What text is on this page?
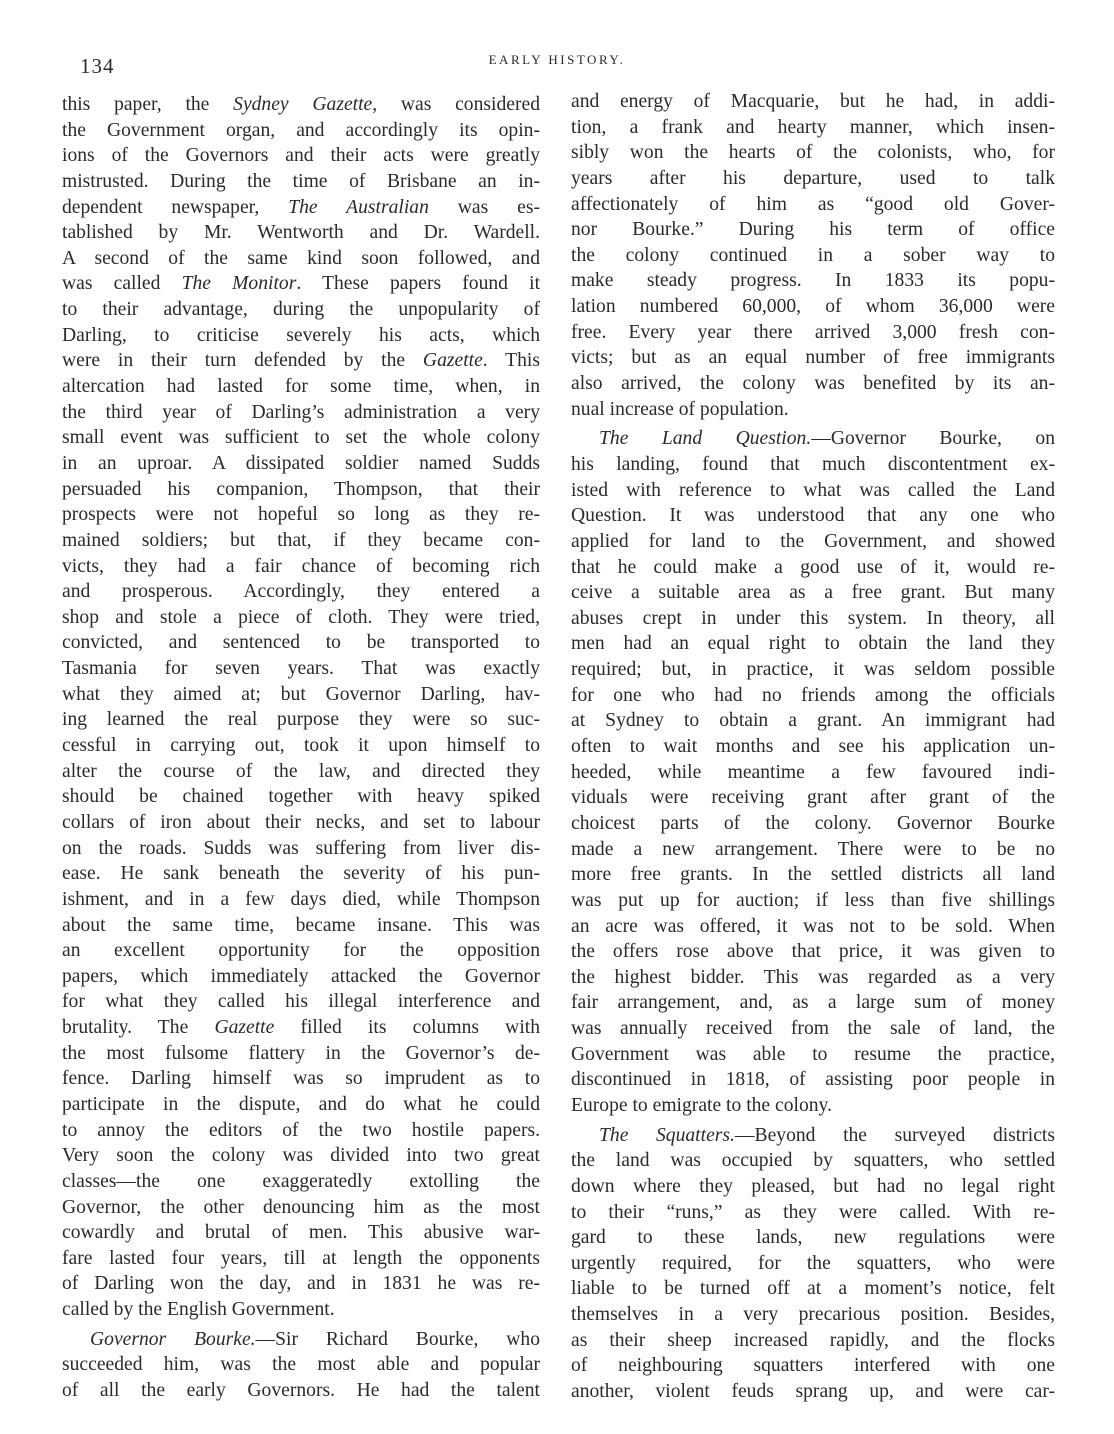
134	EARLY HISTORY.
this paper, the Sydney Gazette, was considered
the Government organ, and accordingly its opin-
ions of the Governors and their acts were greatly
mistrusted. During the time of Brisbane an in-
dependent newspaper, The Australian was es-
tablished by Mr. Wentworth and Dr. Wardell.
A second of the same kind soon followed, and
was called The Monitor. These papers found it
to their advantage, during the unpopularity of
Darling, to criticise severely his acts, which
were in their turn defended by the Gazette. This
altercation had lasted for some time, when, in
the third year of Darling’s administration a very
small event was sufficient to set the whole colony
in an uproar. A dissipated soldier named Sudds
persuaded his companion, Thompson, that their
prospects were not hopeful so long as they re-
mained soldiers; but that, if they became con-
victs, they had a fair chance of becoming rich
and prosperous. Accordingly, they entered a
shop and stole a piece of cloth. They were tried,
convicted, and sentenced to be transported to
Tasmania for seven years. That was exactly
what they aimed at; but Governor Darling, hav-
ing learned the real purpose they were so suc-
cessful in carrying out, took it upon himself to
alter the course of the law, and directed they
should be chained together with heavy spiked
collars of iron about their necks, and set to labour
on the roads. Sudds was suffering from liver dis-
ease. He sank beneath the severity of his pun-
ishment, and in a few days died, while Thompson
about the same time, became insane. This was
an excellent opportunity for the opposition
papers, which immediately attacked the Governor
for what they called his illegal interference and
brutality. The Gazette filled its columns with
the most fulsome flattery in the Governor’s de-
fence. Darling himself was so imprudent as to
participate in the dispute, and do what he could
to annoy the editors of the two hostile papers.
Very soon the colony was divided into two great
classes—the one exaggeratedly extolling the
Governor, the other denouncing him as the most
cowardly and brutal of men. This abusive war-
fare lasted four years, till at length the opponents
of Darling won the day, and in 1831 he was re-
called by the English Government.
Governor Bourke.—Sir Richard Bourke, who
succeeded him, was the most able and popular
of all the early Governors. He had the talent
and energy of Macquarie, but he had, in addi-
tion, a frank and hearty manner, which insen-
sibly won the hearts of the colonists, who, for
years after his departure, used to talk
affectionately of him as “good old Gover-
nor Bourke.” During his term of office
the colony continued in a sober way to
make steady progress. In 1833 its popu-
lation numbered 60,000, of whom 36,000 were
free. Every year there arrived 3,000 fresh con-
victs; but as an equal number of free immigrants
also arrived, the colony was benefited by its an-
nual increase of population.
The Land Question.—Governor Bourke, on
his landing, found that much discontentment ex-
isted with reference to what was called the Land
Question. It was understood that any one who
applied for land to the Government, and showed
that he could make a good use of it, would re-
ceive a suitable area as a free grant. But many
abuses crept in under this system. In theory, all
men had an equal right to obtain the land they
required; but, in practice, it was seldom possible
for one who had no friends among the officials
at Sydney to obtain a grant. An immigrant had
often to wait months and see his application un-
heeded, while meantime a few favoured indi-
viduals were receiving grant after grant of the
choicest parts of the colony. Governor Bourke
made a new arrangement. There were to be no
more free grants. In the settled districts all land
was put up for auction; if less than five shillings
an acre was offered, it was not to be sold. When
the offers rose above that price, it was given to
the highest bidder. This was regarded as a very
fair arrangement, and, as a large sum of money
was annually received from the sale of land, the
Government was able to resume the practice,
discontinued in 1818, of assisting poor people in
Europe to emigrate to the colony.
The Squatters.—Beyond the surveyed districts
the land was occupied by squatters, who settled
down where they pleased, but had no legal right
to their “runs,” as they were called. With re-
gard to these lands, new regulations were
urgently required, for the squatters, who were
liable to be turned off at a moment’s notice, felt
themselves in a very precarious position. Besides,
as their sheep increased rapidly, and the flocks
of neighbouring squatters interfered with one
another, violent feuds sprang up, and were car-
